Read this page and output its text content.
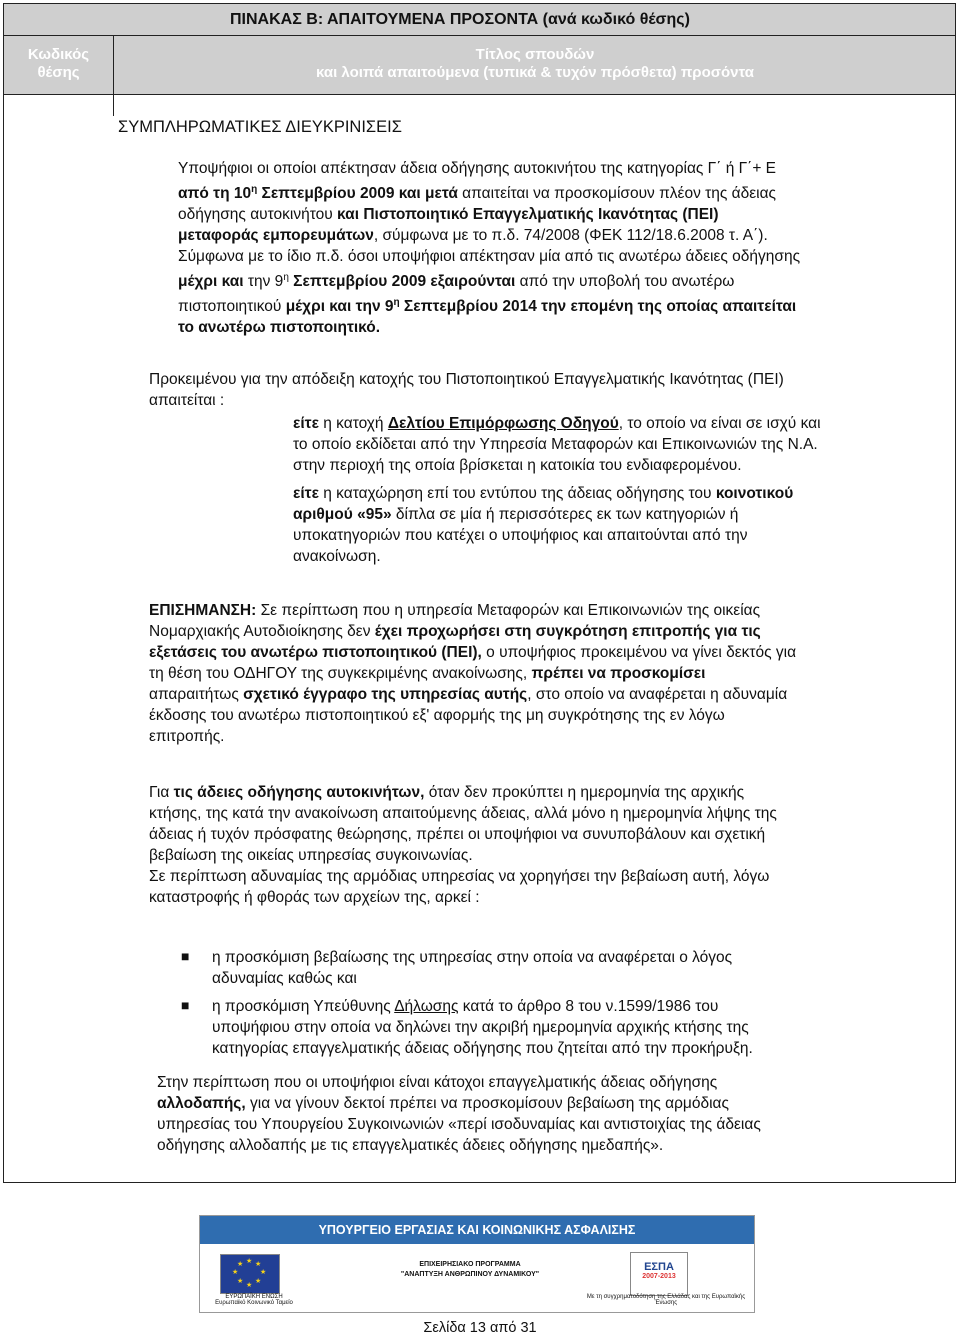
ΠΙΝΑΚΑΣ Β: ΑΠΑΙΤΟΥΜΕΝΑ ΠΡΟΣΟΝΤΑ (ανά κωδικό θέσης)
Κωδικός
θέσης
Τίτλος σπουδών
και λοιπά απαιτούμενα (τυπικά & τυχόν πρόσθετα) προσόντα
ΣΥΜΠΛΗΡΩΜΑΤΙΚΕΣ ΔΙΕΥΚΡΙΝΙΣΕΙΣ
Υποψήφιοι οι οποίοι απέκτησαν άδεια οδήγησης αυτοκινήτου της κατηγορίας Γ΄ ή Γ΄+ Ε
από τη $10^\eta$ Σεπτεμβρίου 2009 και μετά απαιτείται να προσκομίσουν πλέον της άδειας
οδήγησης αυτοκινήτου και Πιστοποιητικό Επαγγελματικής Ικανότητας (ΠΕΙ)
μεταφοράς εμπορευμάτων, σύμφωνα με το π.δ. 74/2008 (ΦΕΚ 112/18.6.2008 τ. Α΄).
Σύμφωνα με το ίδιο π.δ. όσοι υποψήφιοι απέκτησαν μία από τις ανωτέρω άδειες οδήγησης
μέχρι και την $9^\eta$ Σεπτεμβρίου 2009 εξαιρούνται από την υποβολή του ανωτέρω
πιστοποιητικού μέχρι και την $9^\eta$ Σεπτεμβρίου 2014 την επομένη της οποίας απαιτείται
το ανωτέρω πιστοποιητικό.
Προκειμένου για την απόδειξη κατοχής του Πιστοποιητικού Επαγγελματικής Ικανότητας (ΠΕΙ)
απαιτείται :
είτε η κατοχή Δελτίου Επιμόρφωσης Οδηγού, το οποίο να είναι σε ισχύ και
το οποίο εκδίδεται από την Υπηρεσία Μεταφορών και Επικοινωνιών της Ν.Α.
στην περιοχή της οποία βρίσκεται η κατοικία του ενδιαφερομένου.
είτε η καταχώρηση επί του εντύπου της άδειας οδήγησης του κοινοτικού
αριθμού «95» δίπλα σε μία ή περισσότερες εκ των κατηγοριών ή
υποκατηγοριών που κατέχει ο υποψήφιος και απαιτούνται από την
ανακοίνωση.
ΕΠΙΣΗΜΑΝΣΗ: Σε περίπτωση που η υπηρεσία Μεταφορών και Επικοινωνιών της οικείας
Νομαρχιακής Αυτοδιοίκησης δεν έχει προχωρήσει στη συγκρότηση επιτροπής για τις
εξετάσεις του ανωτέρω πιστοποιητικού (ΠΕΙ), ο υποψήφιος προκειμένου να γίνει δεκτός για
τη θέση του ΟΔΗΓΟΥ της συγκεκριμένης ανακοίνωσης, πρέπει να προσκομίσει
απαραιτήτως σχετικό έγγραφο της υπηρεσίας αυτής, στο οποίο να αναφέρεται η αδυναμία
έκδοσης του ανωτέρω πιστοποιητικού εξ' αφορμής της μη συγκρότησης της εν λόγω
επιτροπής.
Για τις άδειες οδήγησης αυτοκινήτων, όταν δεν προκύπτει η ημερομηνία της αρχικής
κτήσης, της κατά την ανακοίνωση απαιτούμενης άδειας, αλλά μόνο η ημερομηνία λήψης της
άδειας ή τυχόν πρόσφατης θεώρησης, πρέπει οι υποψήφιοι να συνυποβάλουν και σχετική
βεβαίωση της οικείας υπηρεσίας συγκοινωνίας.
Σε περίπτωση αδυναμίας της αρμόδιας υπηρεσίας να χορηγήσει την βεβαίωση αυτή, λόγω
καταστροφής ή φθοράς των αρχείων της, αρκεί :
■ η προσκόμιση βεβαίωσης της υπηρεσίας στην οποία να αναφέρεται ο λόγος
αδυναμίας καθώς και
■ η προσκόμιση Υπεύθυνης Δήλωσης κατά το άρθρο 8 του ν.1599/1986 του
υποψήφιου στην οποία να δηλώνει την ακριβή ημερομηνία αρχικής κτήσης της
κατηγορίας επαγγελματικής άδειας οδήγησης που ζητείται από την προκήρυξη.
Στην περίπτωση που οι υποψήφιοι είναι κάτοχοι επαγγελματικής άδειας οδήγησης
αλλοδαπής, για να γίνουν δεκτοί πρέπει να προσκομίσουν βεβαίωση της αρμόδιας
υπηρεσίας του Υπουργείου Συγκοινωνιών «περί ισοδυναμίας και αντιστοιχίας της άδειας
οδήγησης αλλοδαπής με τις επαγγελματικές άδειες οδήγησης ημεδαπής».
ΥΠΟΥΡΓΕΙΟ ΕΡΓΑΣΙΑΣ ΚΑΙ ΚΟΙΝΩΝΙΚΗΣ ΑΣΦΑΛΙΣΗΣ
★ ★
★
★
★
★
★
★
ΕΥΡΩΠΑΪΚΗ ΕΝΩΣΗ Ευρωπαϊκό Κοινωνικό Ταμείο
ΕΠΙΧΕΙΡΗΣΙΑΚΟ ΠΡΟΓΡΑΜΜΑ
"ΑΝΑΠΤΥΞΗ ΑΝΘΡΩΠΙΝΟΥ ΔΥΝΑΜΙΚΟΥ"
ΕΣΠΑ
2007-2013
Με τη συγχρηματοδότηση της Ελλάδας και της Ευρωπαϊκής Ένωσης
Σελίδα 13 από 31
